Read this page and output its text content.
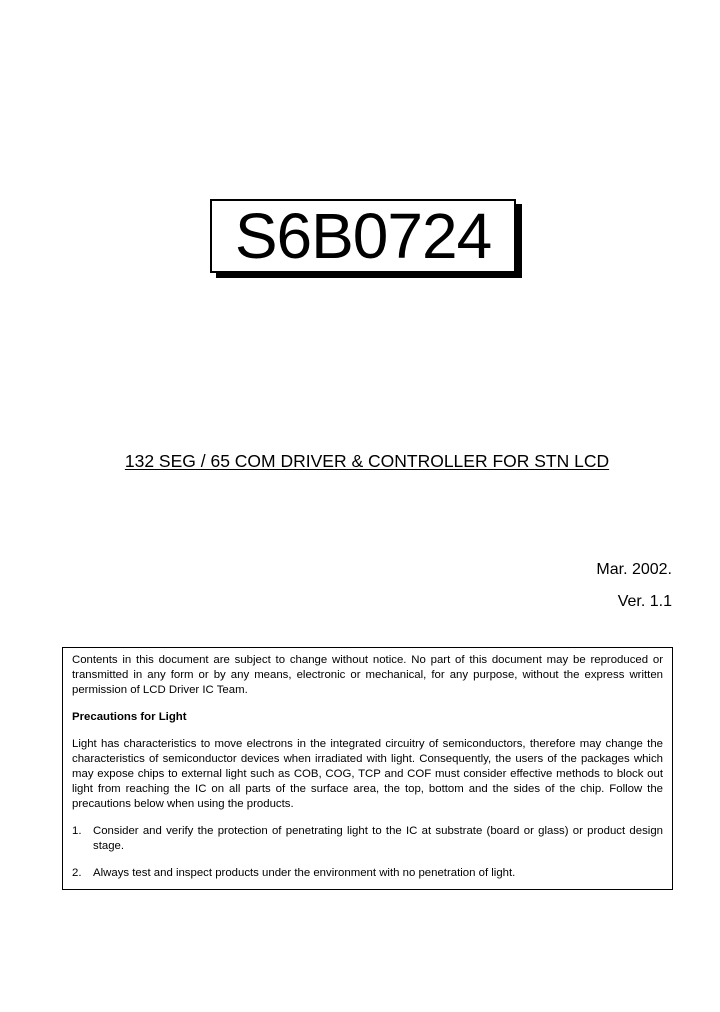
S6B0724
132 SEG / 65 COM DRIVER & CONTROLLER FOR STN LCD
Mar. 2002.
Ver. 1.1

Contents in this document are subject to change without notice. No part of this document may be reproduced or transmitted in any form or by any means, electronic or mechanical, for any purpose, without the express written permission of LCD Driver IC Team.

Precautions for Light

Light has characteristics to move electrons in the integrated circuitry of semiconductors, therefore may change the characteristics of semiconductor devices when irradiated with light. Consequently, the users of the packages which may expose chips to external light such as COB, COG, TCP and COF must consider effective methods to block out light from reaching the IC on all parts of the surface area, the top, bottom and the sides of the chip. Follow the precautions below when using the products.

1.	Consider and verify the protection of penetrating light to the IC at substrate (board or glass) or product design stage.
2.	Always test and inspect products under the environment with no penetration of light.
